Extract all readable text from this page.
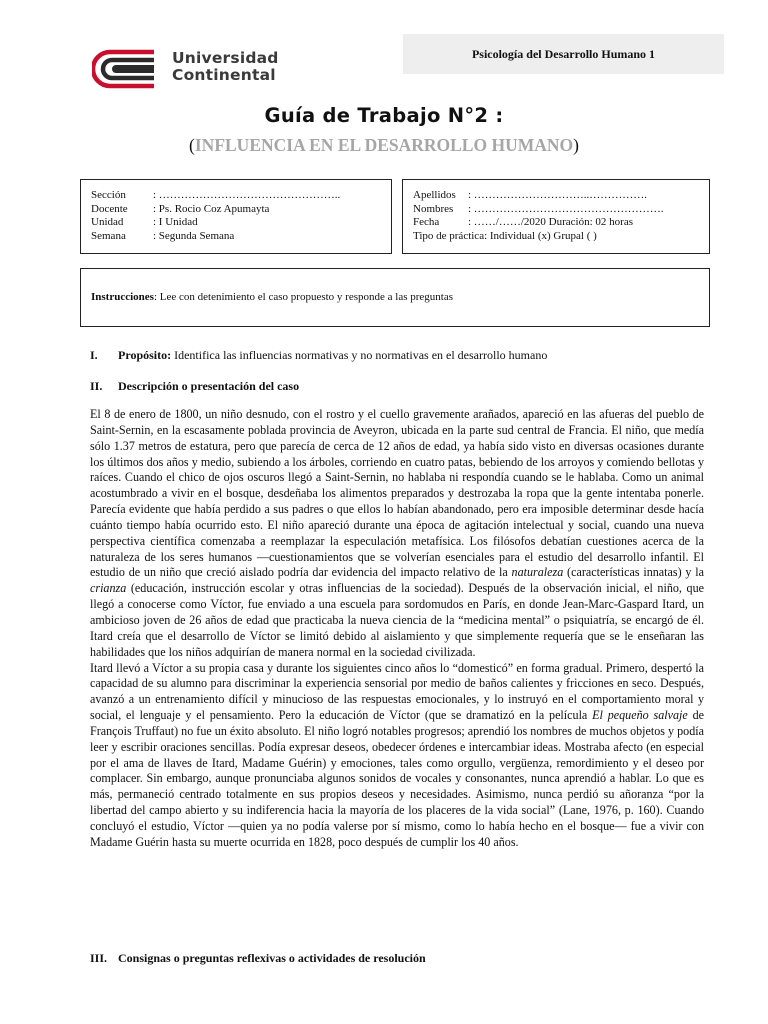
Universidad
Continental
Psicología del Desarrollo Humano 1
Guía de Trabajo N°2 :
(INFLUENCIA EN EL DESARROLLO HUMANO)
Sección	: …………………………………………..
Docente	: Ps. Rocio Coz Apumayta
Unidad	: I Unidad
Semana	: Segunda Semana
Apellidos	: …………………………..…………….
Nombres	: …………………………………………….
Fecha	: ……/……/2020 Duración: 02 horas
Tipo de práctica: Individual (x) Grupal ( )
Instrucciones: Lee con detenimiento el caso propuesto y responde a las preguntas
I. Propósito: Identifica las influencias normativas y no normativas en el desarrollo humano
II. Descripción o presentación del caso

El 8 de enero de 1800, un niño desnudo, con el rostro y el cuello gravemente arañados, apareció en las afueras del pueblo de Saint-Sernin, en la escasamente poblada provincia de Aveyron, ubicada en la parte sud central de Francia. El niño, que medía sólo 1.37 metros de estatura, pero que parecía de cerca de 12 años de edad, ya había sido visto en diversas ocasiones durante los últimos dos años y medio, subiendo a los árboles, corriendo en cuatro patas, bebiendo de los arroyos y comiendo bellotas y raíces. Cuando el chico de ojos oscuros llegó a Saint-Sernin, no hablaba ni respondía cuando se le hablaba. Como un animal acostumbrado a vivir en el bosque, desdeñaba los alimentos preparados y destrozaba la ropa que la gente intentaba ponerle. Parecía evidente que había perdido a sus padres o que ellos lo habían abandonado, pero era imposible determinar desde hacía cuánto tiempo había ocurrido esto. El niño apareció durante una época de agitación intelectual y social, cuando una nueva perspectiva científica comenzaba a reemplazar la especulación metafísica. Los filósofos debatían cuestiones acerca de la naturaleza de los seres humanos —cuestionamientos que se volverían esenciales para el estudio del desarrollo infantil. El estudio de un niño que creció aislado podría dar evidencia del impacto relativo de la naturaleza (características innatas) y la crianza (educación, instrucción escolar y otras influencias de la sociedad). Después de la observación inicial, el niño, que llegó a conocerse como Víctor, fue enviado a una escuela para sordomudos en París, en donde Jean-Marc-Gaspard Itard, un ambicioso joven de 26 años de edad que practicaba la nueva ciencia de la “medicina mental” o psiquiatría, se encargó de él. Itard creía que el desarrollo de Víctor se limitó debido al aislamiento y que simplemente requería que se le enseñaran las habilidades que los niños adquirían de manera normal en la sociedad civilizada.

Itard llevó a Víctor a su propia casa y durante los siguientes cinco años lo “domesticó” en forma gradual. Primero, despertó la capacidad de su alumno para discriminar la experiencia sensorial por medio de baños calientes y fricciones en seco. Después, avanzó a un entrenamiento difícil y minucioso de las respuestas emocionales, y lo instruyó en el comportamiento moral y social, el lenguaje y el pensamiento. Pero la educación de Víctor (que se dramatizó en la película El pequeño salvaje de François Truffaut) no fue un éxito absoluto. El niño logró notables progresos; aprendió los nombres de muchos objetos y podía leer y escribir oraciones sencillas. Podía expresar deseos, obedecer órdenes e intercambiar ideas. Mostraba afecto (en especial por el ama de llaves de Itard, Madame Guérin) y emociones, tales como orgullo, vergüenza, remordimiento y el deseo por complacer. Sin embargo, aunque pronunciaba algunos sonidos de vocales y consonantes, nunca aprendió a hablar. Lo que es más, permaneció centrado totalmente en sus propios deseos y necesidades. Asimismo, nunca perdió su añoranza “por la libertad del campo abierto y su indiferencia hacia la mayoría de los placeres de la vida social” (Lane, 1976, p. 160). Cuando concluyó el estudio, Víctor —quien ya no podía valerse por sí mismo, como lo había hecho en el bosque— fue a vivir con Madame Guérin hasta su muerte ocurrida en 1828, poco después de cumplir los 40 años.

III. Consignas o preguntas reflexivas o actividades de resolución
